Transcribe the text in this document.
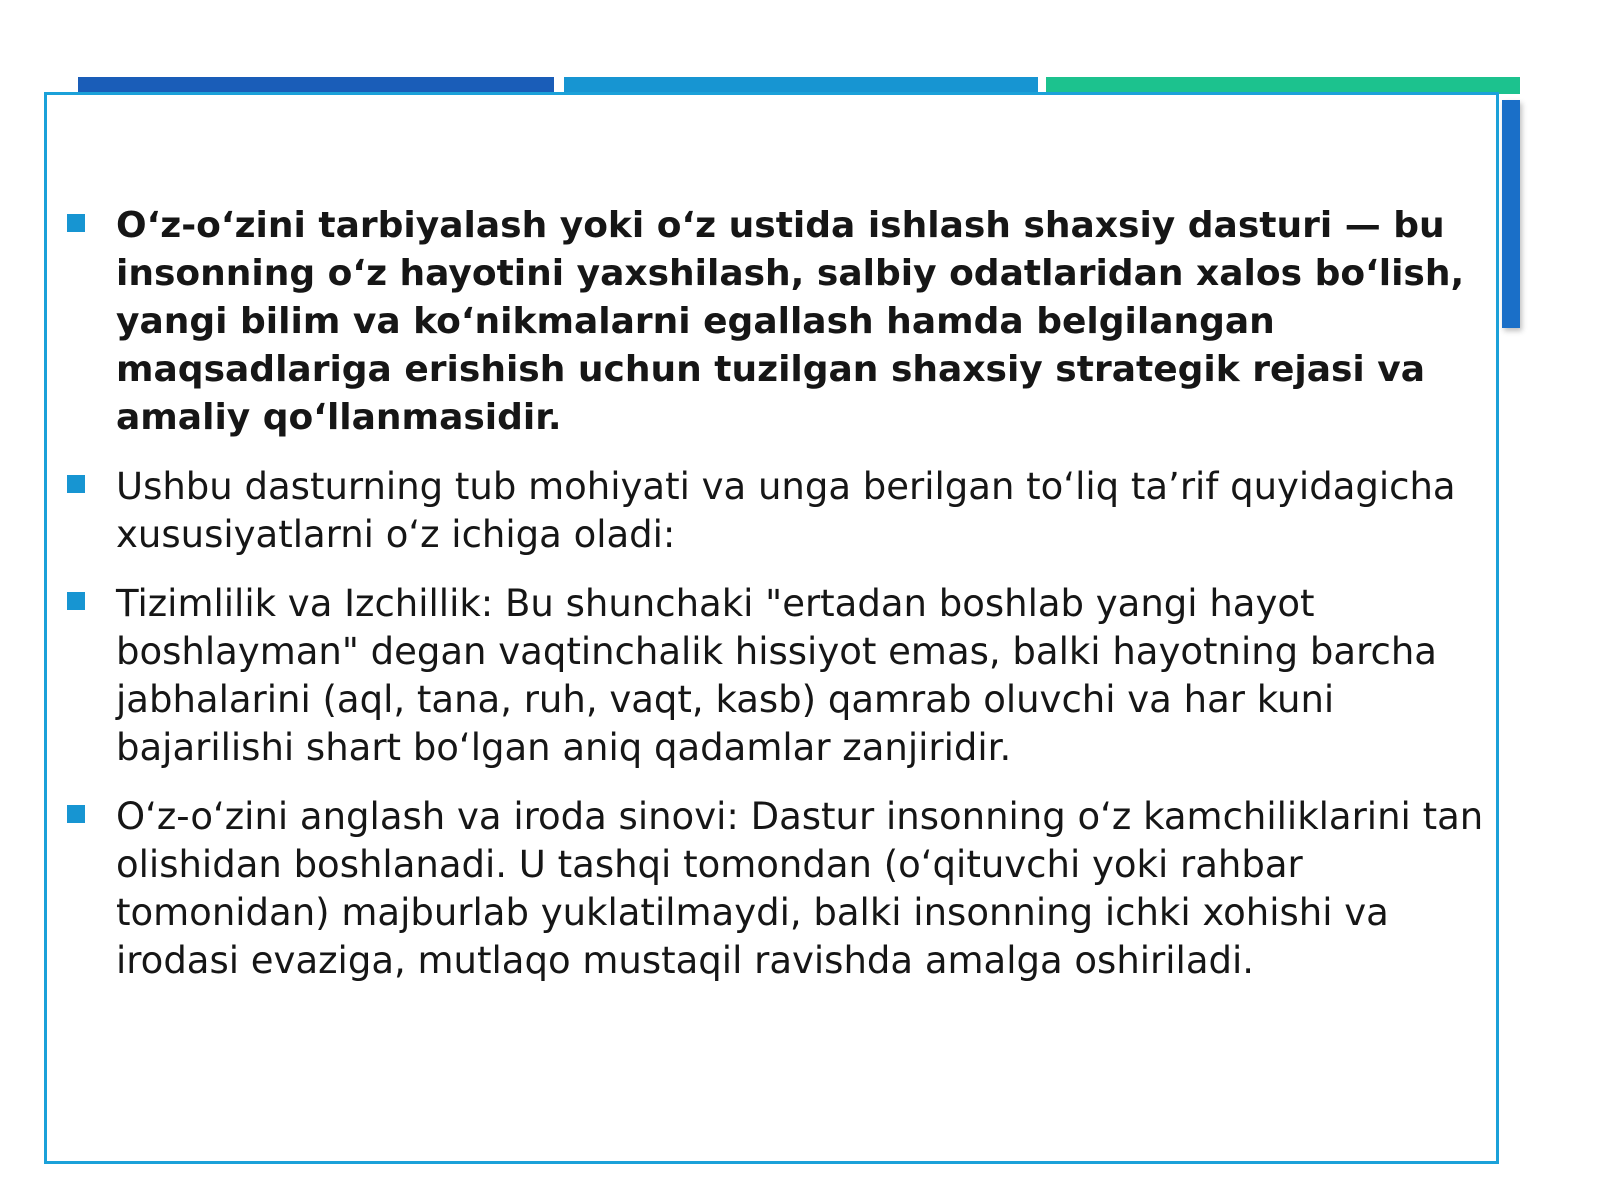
O‘z-o‘zini tarbiyalash yoki o‘z ustida ishlash shaxsiy dasturi — bu insonning o‘z hayotini yaxshilash, salbiy odatlaridan xalos bo‘lish, yangi bilim va ko‘nikmalarni egallash hamda belgilangan maqsadlariga erishish uchun tuzilgan shaxsiy strategik rejasi va amaliy qo‘llanmasidir.
Ushbu dasturning tub mohiyati va unga berilgan to‘liq ta’rif quyidagicha xususiyatlarni o‘z ichiga oladi:
Tizimlilik va Izchillik: Bu shunchaki "ertadan boshlab yangi hayot boshlayman" degan vaqtinchalik hissiyot emas, balki hayotning barcha jabhalarini (aql, tana, ruh, vaqt, kasb) qamrab oluvchi va har kuni bajarilishi shart bo‘lgan aniq qadamlar zanjiridir.
O‘z-o‘zini anglash va iroda sinovi: Dastur insonning o‘z kamchiliklarini tan olishidan boshlanadi. U tashqi tomondan (o‘qituvchi yoki rahbar tomonidan) majburlab yuklatilmaydi, balki insonning ichki xohishi va irodasi evaziga, mutlaqo mustaqil ravishda amalga oshiriladi.
